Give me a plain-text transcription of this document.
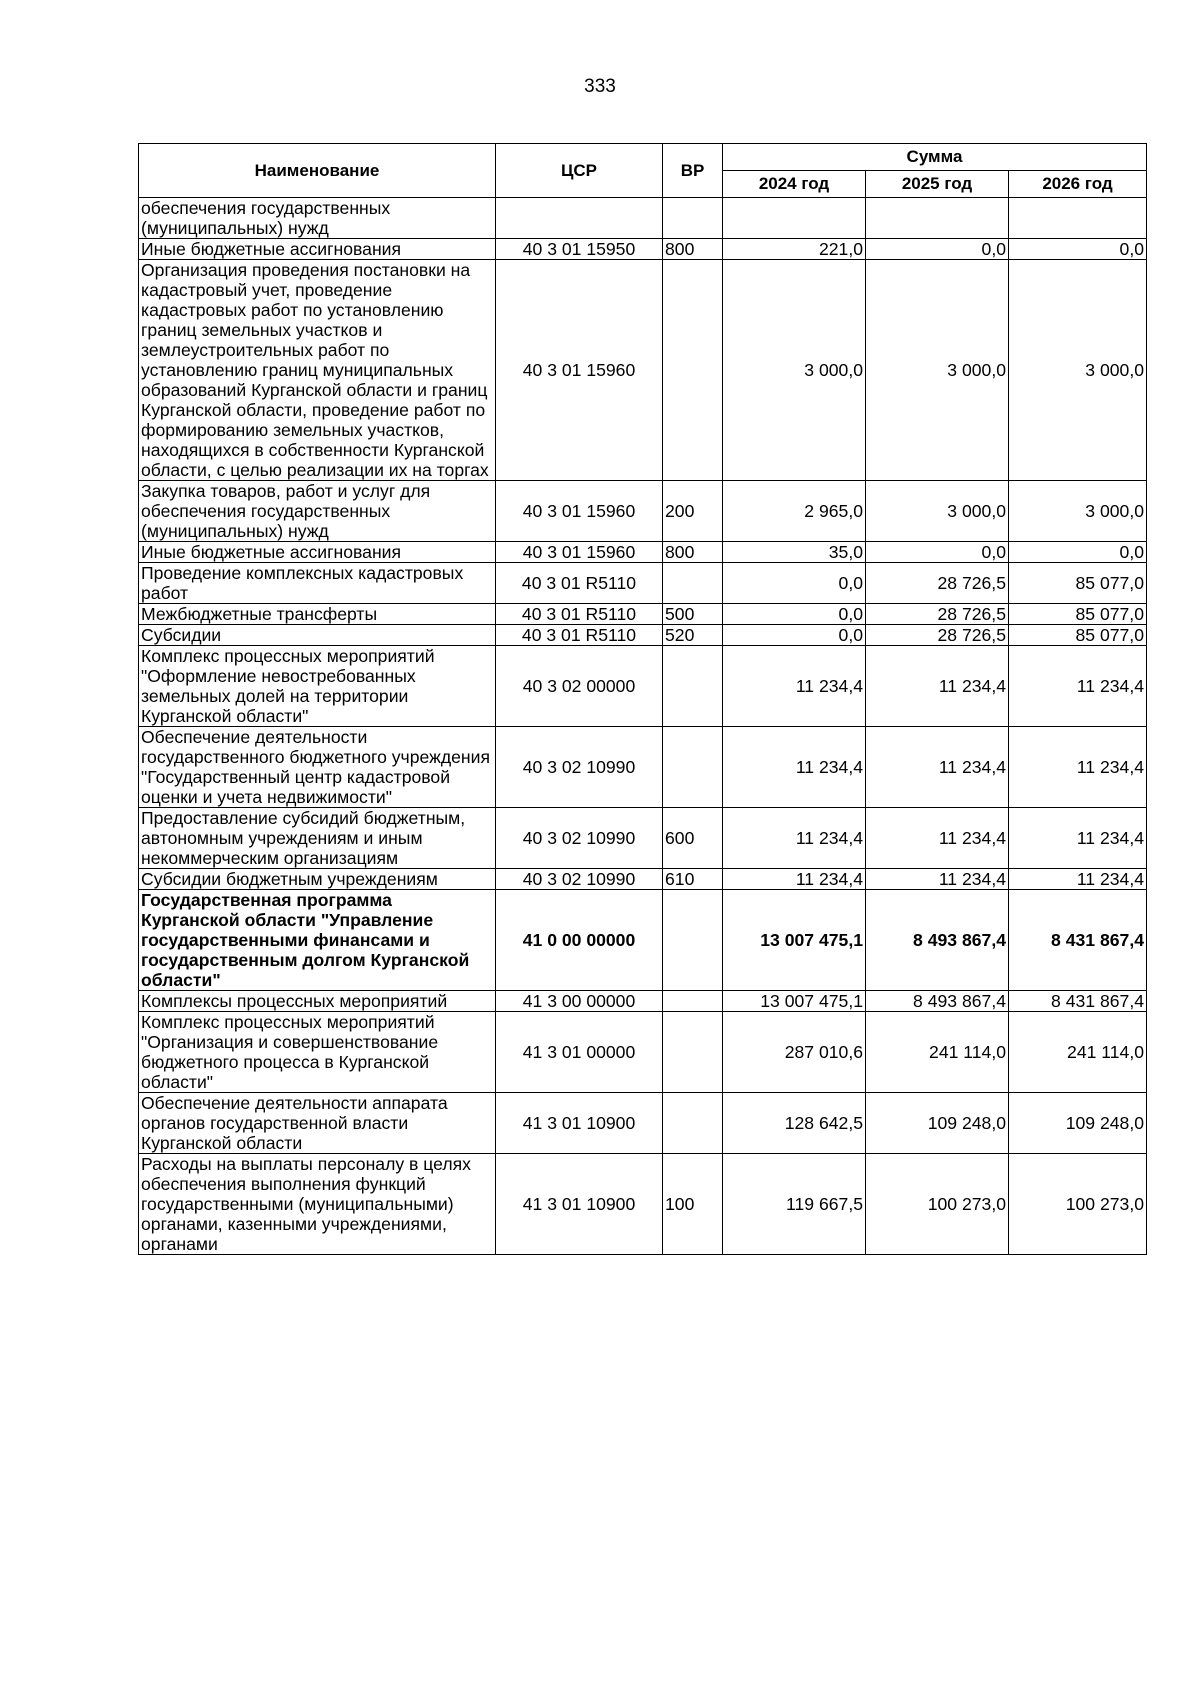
333
Наименование	ЦСР	ВР	Сумма		
			2024 год	2025 год	2026 год
обеспечения государственных (муниципальных) нужд					
Иные бюджетные ассигнования	40 3 01 15950	800	221,0	0,0	0,0
Организация проведения постановки на кадастровый учет, проведение кадастровых работ по установлению границ земельных участков и землеустроительных работ по установлению границ муниципальных образований Курганской области и границ Курганской области, проведение работ по формированию земельных участков, находящихся в собственности Курганской области, с целью реализации их на торгах	40 3 01 15960		3 000,0	3 000,0	3 000,0
Закупка товаров, работ и услуг для обеспечения государственных (муниципальных) нужд	40 3 01 15960	200	2 965,0	3 000,0	3 000,0
Иные бюджетные ассигнования	40 3 01 15960	800	35,0	0,0	0,0
Проведение комплексных кадастровых работ	40 3 01 R5110		0,0	28 726,5	85 077,0
Межбюджетные трансферты	40 3 01 R5110	500	0,0	28 726,5	85 077,0
Субсидии	40 3 01 R5110	520	0,0	28 726,5	85 077,0
Комплекс процессных мероприятий "Оформление невостребованных земельных долей на территории Курганской области"	40 3 02 00000		11 234,4	11 234,4	11 234,4
Обеспечение деятельности государственного бюджетного учреждения "Государственный центр кадастровой оценки и учета недвижимости"	40 3 02 10990		11 234,4	11 234,4	11 234,4
Предоставление субсидий бюджетным, автономным учреждениям и иным некоммерческим организациям	40 3 02 10990	600	11 234,4	11 234,4	11 234,4
Субсидии бюджетным учреждениям	40 3 02 10990	610	11 234,4	11 234,4	11 234,4
Государственная программа Курганской области "Управление государственными финансами и государственным долгом Курганской области"	41 0 00 00000		13 007 475,1	8 493 867,4	8 431 867,4
Комплексы процессных мероприятий	41 3 00 00000		13 007 475,1	8 493 867,4	8 431 867,4
Комплекс процессных мероприятий "Организация и совершенствование бюджетного процесса в Курганской области"	41 3 01 00000		287 010,6	241 114,0	241 114,0
Обеспечение деятельности аппарата органов государственной власти Курганской области	41 3 01 10900		128 642,5	109 248,0	109 248,0
Расходы на выплаты персоналу в целях обеспечения выполнения функций государственными (муниципальными) органами, казенными учреждениями, органами	41 3 01 10900	100	119 667,5	100 273,0	100 273,0
